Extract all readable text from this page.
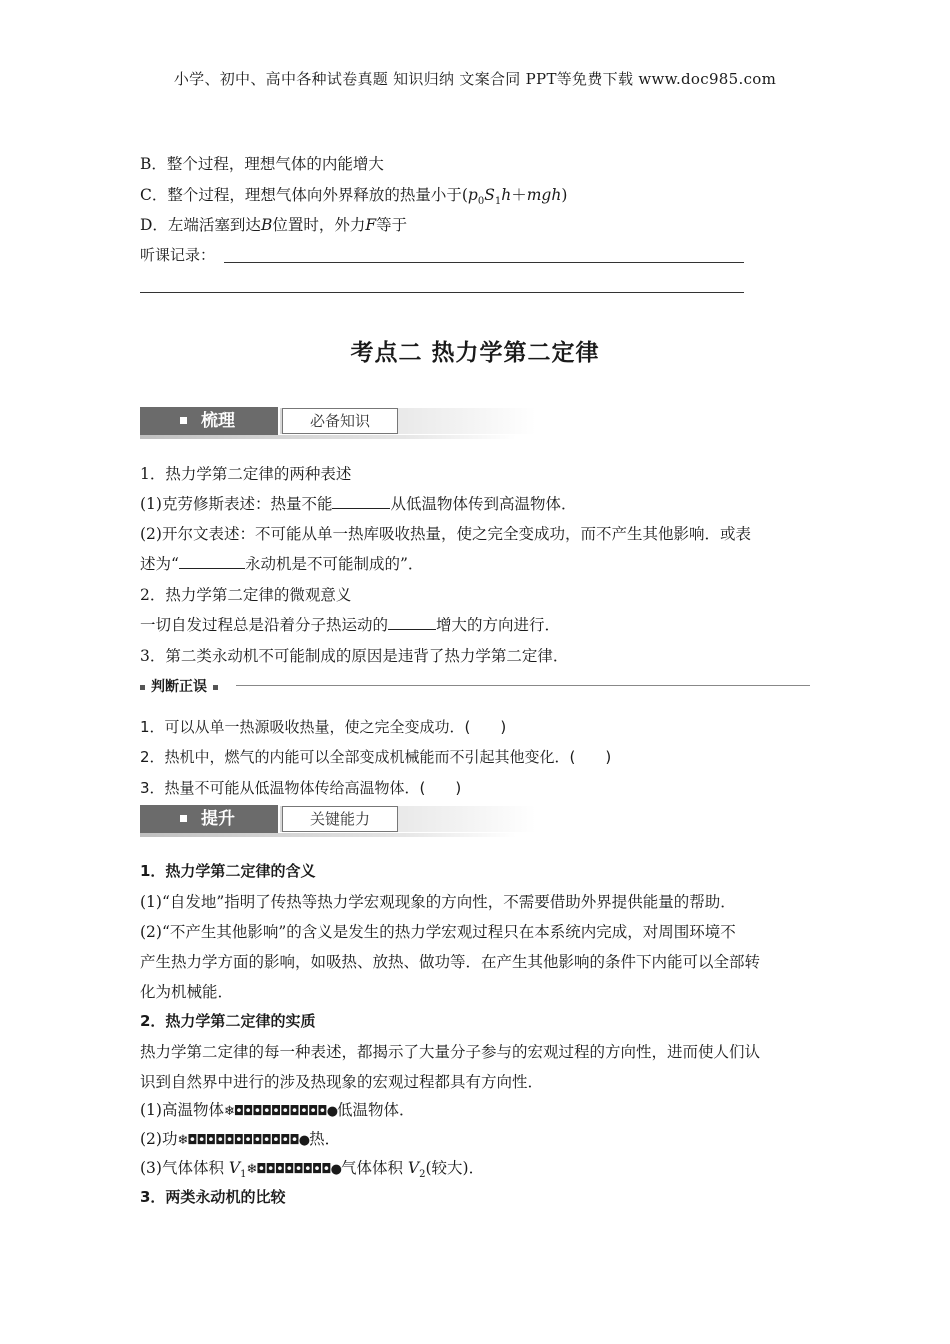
小学、初中、高中各种试卷真题 知识归纳 文案合同 PPT等免费下载 www.doc985.com
B．整个过程，理想气体的内能增大
C．整个过程，理想气体向外界释放的热量小于$(p_0S_1h+mgh)$
D．左端活塞到达B位置时，外力F等于
听课记录：
考点二 热力学第二定律
梳理	必备知识
1．热力学第二定律的两种表述
(1)克劳修斯表述：热量不能	从低温物体传到高温物体．
(2)开尔文表述：不可能从单一热库吸收热量，使之完全变成功，而不产生其他影响．或表
述为“	永动机是不可能制成的”．
2．热力学第二定律的微观意义
一切自发过程总是沿着分子热运动的	增大的方向进行．
3．第二类永动机不可能制成的原因是违背了热力学第二定律．
判断正误
1．可以从单一热源吸收热量，使之完全变成功．(　　)
2．热机中，燃气的内能可以全部变成机械能而不引起其他变化．(　　)
3．热量不可能从低温物体传给高温物体．(　　)
提升	关键能力
1．热力学第二定律的含义
(1)“自发地”指明了传热等热力学宏观现象的方向性，不需要借助外界提供能量的帮助．
(2)“不产生其他影响”的含义是发生的热力学宏观过程只在本系统内完成，对周围环境不
产生热力学方面的影响，如吸热、放热、做功等．在产生其他影响的条件下内能可以全部转
化为机械能．
2．热力学第二定律的实质
热力学第二定律的每一种表述，都揭示了大量分子参与的宏观过程的方向性，进而使人们认
识到自然界中进行的涉及热现象的宏观过程都具有方向性．
(1)高温物体❄◘◘◘◘◘◘◘◘◘◘●低温物体．
(2)功❄◘◘◘◘◘◘◘◘◘◘◘◘●热．
(3)气体体积 $V_1❄◘◘◘◘◘◘◘◘●$气体体积 $V_2$(较大)．
3．两类永动机的比较
